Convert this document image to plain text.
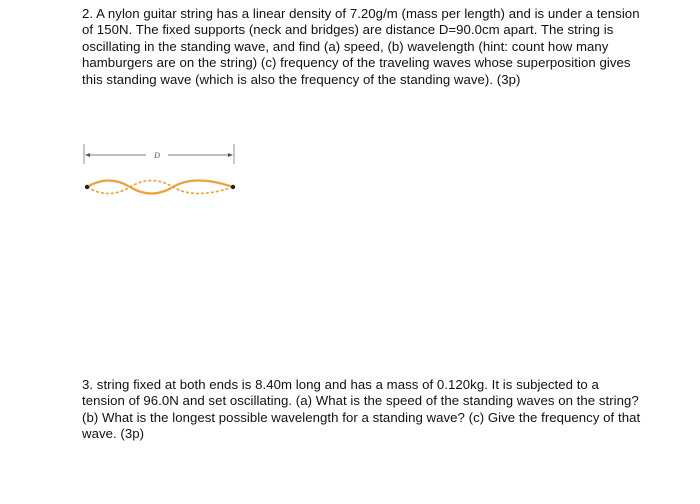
2. A nylon guitar string has a linear density of 7.20g/m (mass per length) and is under a tension of 150N. The fixed supports (neck and bridges) are distance D=90.0cm apart. The string is oscillating in the standing wave, and find (a) speed, (b) wavelength (hint: count how many hamburgers are on the string) (c) frequency of the traveling waves whose superposition gives this standing wave (which is also the frequency of the standing wave). (3p)

D

3. string fixed at both ends is 8.40m long and has a mass of 0.120kg. It is subjected to a tension of 96.0N and set oscillating. (a) What is the speed of the standing waves on the string? (b) What is the longest possible wavelength for a standing wave? (c) Give the frequency of that wave. (3p)
